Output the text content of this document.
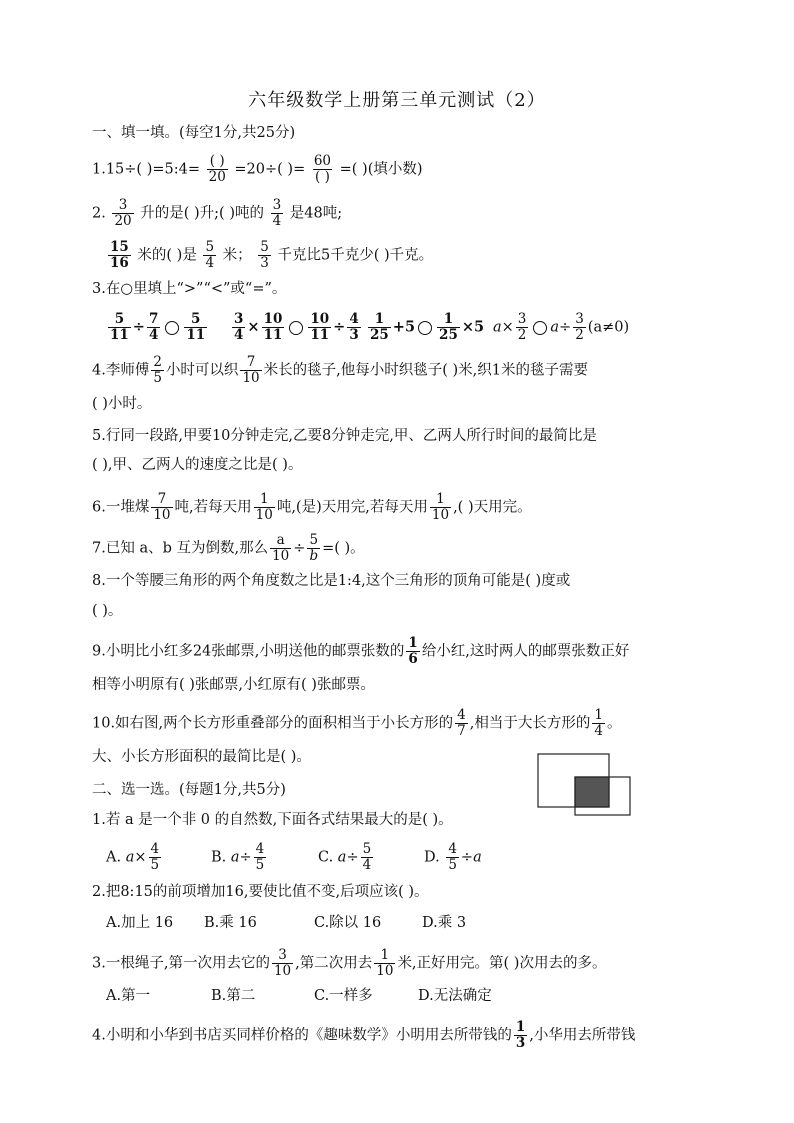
六年级数学上册第三单元测试（2）
一、填一填。(每空1分,共25分)
1.15÷( )=5:4=
( )
20 =20÷( )=
60
( ) =( )(填小数)
2. $\frac{3}{20}$ 升的是( )升;( )吨的 $\frac{3}{4}$ 是48吨;
$\frac{15}{16}$ 米的( )是 $\frac{5}{4}$ 米； $\frac{5}{3}$ 千克比5千克少( )千克。
3.在○里填上“>”“<”或“=”。
$\frac{5}{11} \div \frac{7}{4} \frac{5}{11} \frac{3}{4} \times \frac{10}{11} \frac{10}{11} \div \frac{4}{3} \frac{1}{25} +5 \frac{1}{25} \times 5$ $a\times \frac{3}{2} a\div \frac{3}{2} (a\ne 0)$
4.李师傅 $\frac{2}{5}$ 小时可以织 $\frac{7}{10}$ 米长的毯子,他每小时织毯子( )米,织1米的毯子需要
( )小时。
5.行同一段路,甲要10分钟走完,乙要8分钟走完,甲、乙两人所行时间的最简比是
( ),甲、乙两人的速度之比是( )。
6.一堆煤 $\frac{7}{10}$ 吨,若每天用 $\frac{1}{10}$ 吨,(是)天用完,若每天用 $\frac{1}{10}$ ,( )天用完。
7.已知 a、b 互为倒数,那么 $\frac{a}{10} \div \frac{5}{b}$ =( )。
8.一个等腰三角形的两个角度数之比是1:4,这个三角形的顶角可能是( )度或
( )。
9.小明比小红多24张邮票,小明送他的邮票张数的 $\frac{1}{6}$ 给小红,这时两人的邮票张数正好
相等小明原有( )张邮票,小红原有( )张邮票。
10.如右图,两个长方形重叠部分的面积相当于小长方形的 $\frac{4}{7}$ ,相当于大长方形的 $\frac{1}{4}$ 。
大、小长方形面积的最简比是( )。
二、选一选。(每题1分,共5分)
1.若 a 是一个非 0 的自然数,下面各式结果最大的是( )。
A. $a\times \frac{4}{5}$	B. $a\div \frac{4}{5}$	C. $a\div \frac{5}{4}$	D. $\frac{4}{5} \div a$
2.把8:15的前项增加16,要使比值不变,后项应该( )。
A.加上 16 B.乘 16	C.除以 16	D.乘 3
3.一根绳子,第一次用去它的 $\frac{3}{10}$ ,第二次用去 $\frac{1}{10}$ 米,正好用完。第( )次用去的多。
A.第一	B.第二	C.一样多	D.无法确定
4.小明和小华到书店买同样价格的《趣味数学》小明用去所带钱的 $\frac{1}{3}$ ,小华用去所带钱
